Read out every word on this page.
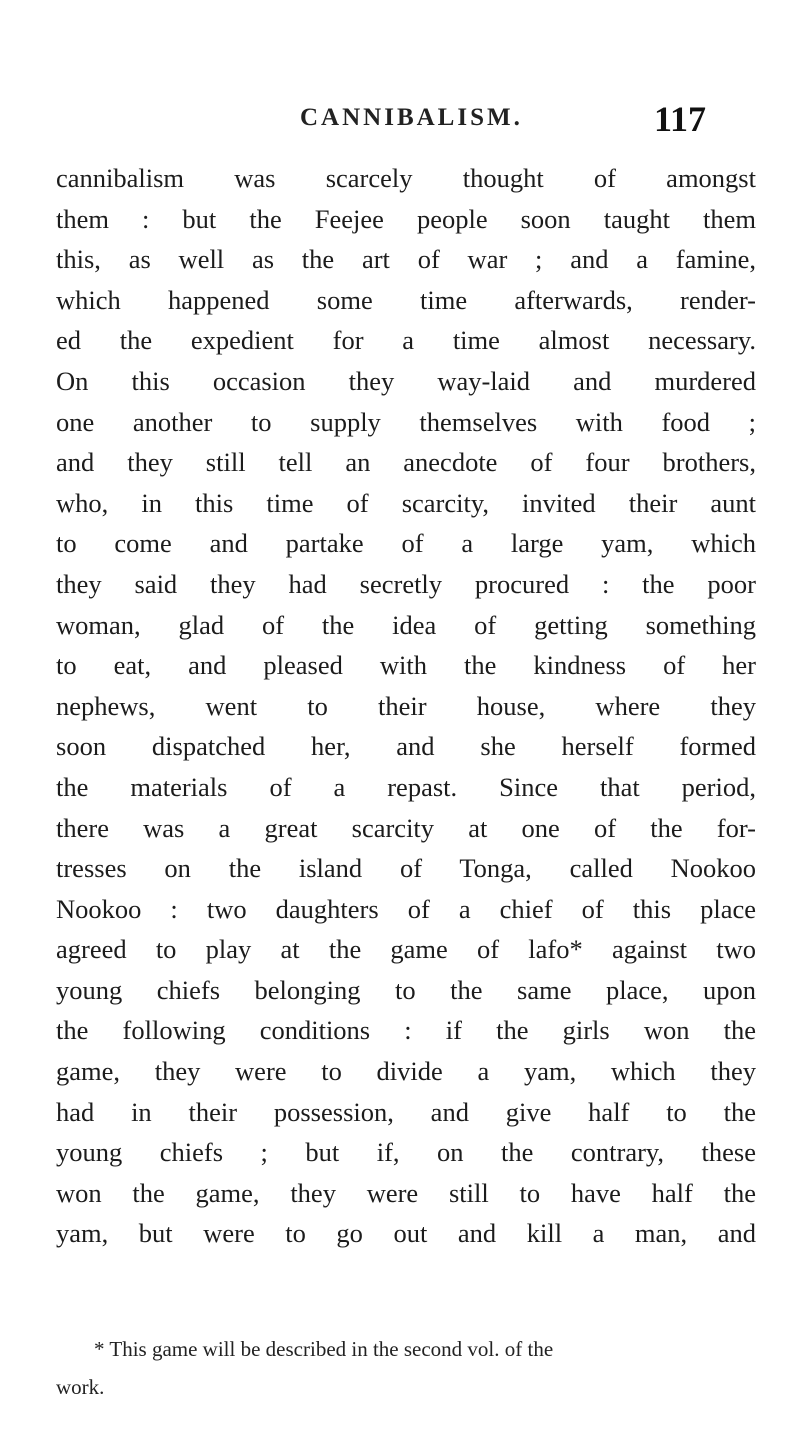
CANNIBALISM.	117
cannibalism was scarcely thought of amongst
them : but the Feejee people soon taught them
this, as well as the art of war ; and a famine,
which happened some time afterwards, render-
ed the expedient for a time almost necessary.
On this occasion they way-laid and murdered
one another to supply themselves with food ;
and they still tell an anecdote of four brothers,
who, in this time of scarcity, invited their aunt
to come and partake of a large yam, which
they said they had secretly procured : the poor
woman, glad of the idea of getting something
to eat, and pleased with the kindness of her
nephews, went to their house, where they
soon dispatched her, and she herself formed
the materials of a repast. Since that period,
there was a great scarcity at one of the for-
tresses on the island of Tonga, called Nookoo
Nookoo : two daughters of a chief of this place
agreed to play at the game of lafo* against two
young chiefs belonging to the same place, upon
the following conditions : if the girls won the
game, they were to divide a yam, which they
had in their possession, and give half to the
young chiefs ; but if, on the contrary, these
won the game, they were still to have half the
yam, but were to go out and kill a man, and
* This game will be described in the second vol. of the
work.
